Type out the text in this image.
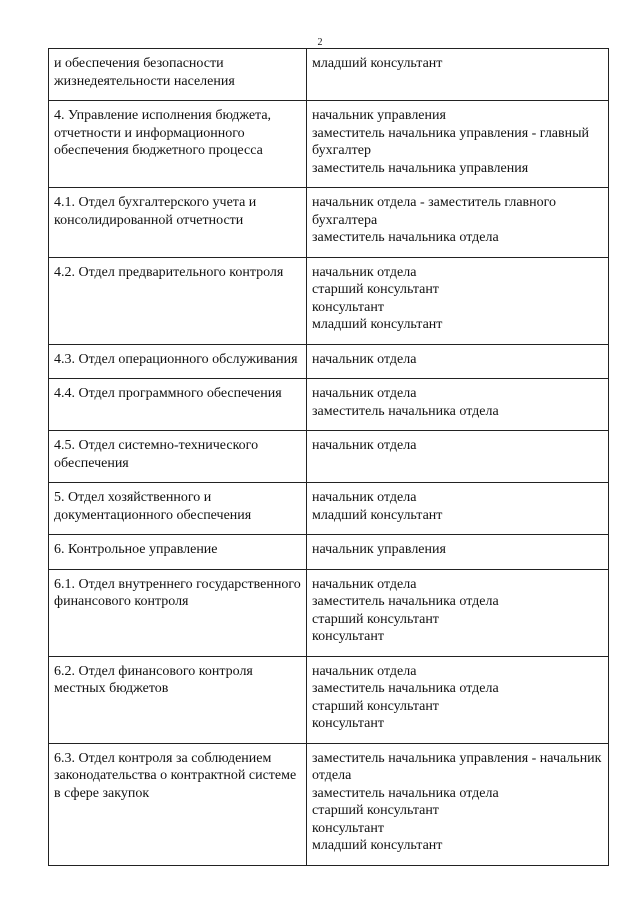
2
и обеспечения безопасности жизнедеятельности населения	младший консультант

4. Управление исполнения бюджета, отчетности и информационного обеспечения бюджетного процесса	начальник управления
заместитель начальника управления - главный бухгалтер
заместитель начальника управления

4.1. Отдел бухгалтерского учета и консолидированной отчетности	начальник отдела - заместитель главного бухгалтера
заместитель начальника отдела

4.2. Отдел предварительного контроля	начальник отдела
старший консультант
консультант
младший консультант

4.3. Отдел операционного обслуживания	начальник отдела

4.4. Отдел программного обеспечения	начальник отдела
заместитель начальника отдела

4.5. Отдел системно-технического обеспечения	начальник отдела

5. Отдел хозяйственного и документационного обеспечения	начальник отдела
младший консультант

6. Контрольное управление	начальник управления

6.1. Отдел внутреннего государственного финансового контроля	начальник отдела
заместитель начальника отдела
старший консультант
консультант

6.2. Отдел финансового контроля местных бюджетов	начальник отдела
заместитель начальника отдела
старший консультант
консультант

6.3. Отдел контроля за соблюдением законодательства о контрактной системе в сфере закупок	заместитель начальника управления - начальник отдела
заместитель начальника отдела
старший консультант
консультант
младший консультант
